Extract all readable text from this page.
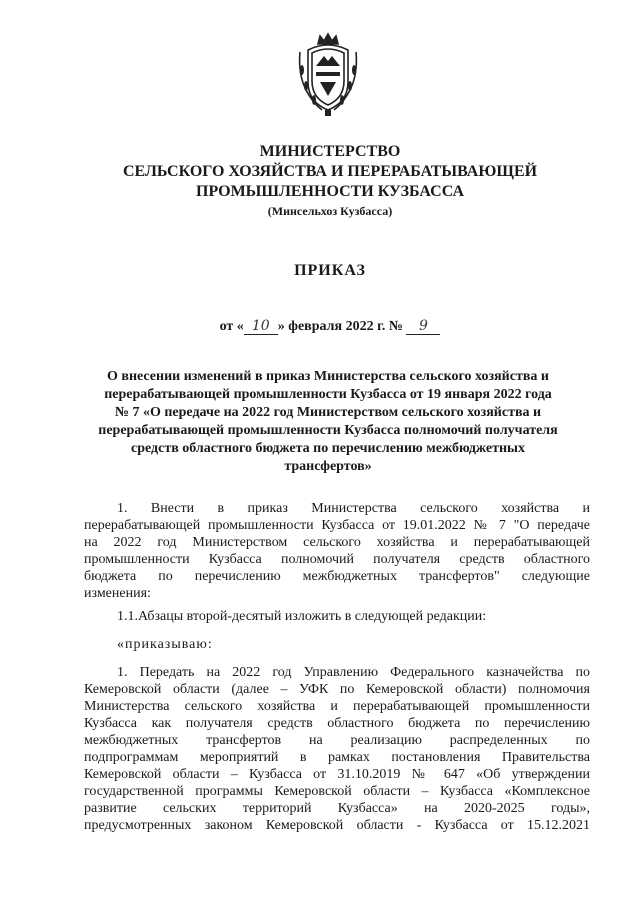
МИНИСТЕРСТВО
СЕЛЬСКОГО ХОЗЯЙСТВА И ПЕРЕРАБАТЫВАЮЩЕЙ
ПРОМЫШЛЕННОСТИ КУЗБАССА
(Минсельхоз Кузбасса)
ПРИКАЗ
от « 10 » февраля 2022 г. № 9
О внесении изменений в приказ Министерства сельского хозяйства и
перерабатывающей промышленности Кузбасса от 19 января 2022 года
№ 7 «О передаче на 2022 год Министерством сельского хозяйства и
перерабатывающей промышленности Кузбасса полномочий получателя
средств областного бюджета по перечислению межбюджетных
трансфертов»
1. Внести в приказ Министерства сельского хозяйства и
перерабатывающей промышленности Кузбасса от 19.01.2022 № 7 "О передаче
на 2022 год Министерством сельского хозяйства и перерабатывающей
промышленности Кузбасса полномочий получателя средств областного
бюджета по перечислению межбюджетных трансфертов" следующие
изменения:
1.1.Абзацы второй-десятый изложить в следующей редакции:
«приказываю:
1. Передать на 2022 год Управлению Федерального казначейства по
Кемеровской области (далее – УФК по Кемеровской области) полномочия
Министерства сельского хозяйства и перерабатывающей промышленности
Кузбасса как получателя средств областного бюджета по перечислению
межбюджетных трансфертов на реализацию распределенных по
подпрограммам мероприятий в рамках постановления Правительства
Кемеровской области – Кузбасса от 31.10.2019 № 647 «Об утверждении
государственной программы Кемеровской области – Кузбасса «Комплексное
развитие сельских территорий Кузбасса» на 2020-2025 годы»,
предусмотренных законом Кемеровской области - Кузбасса от 15.12.2021
